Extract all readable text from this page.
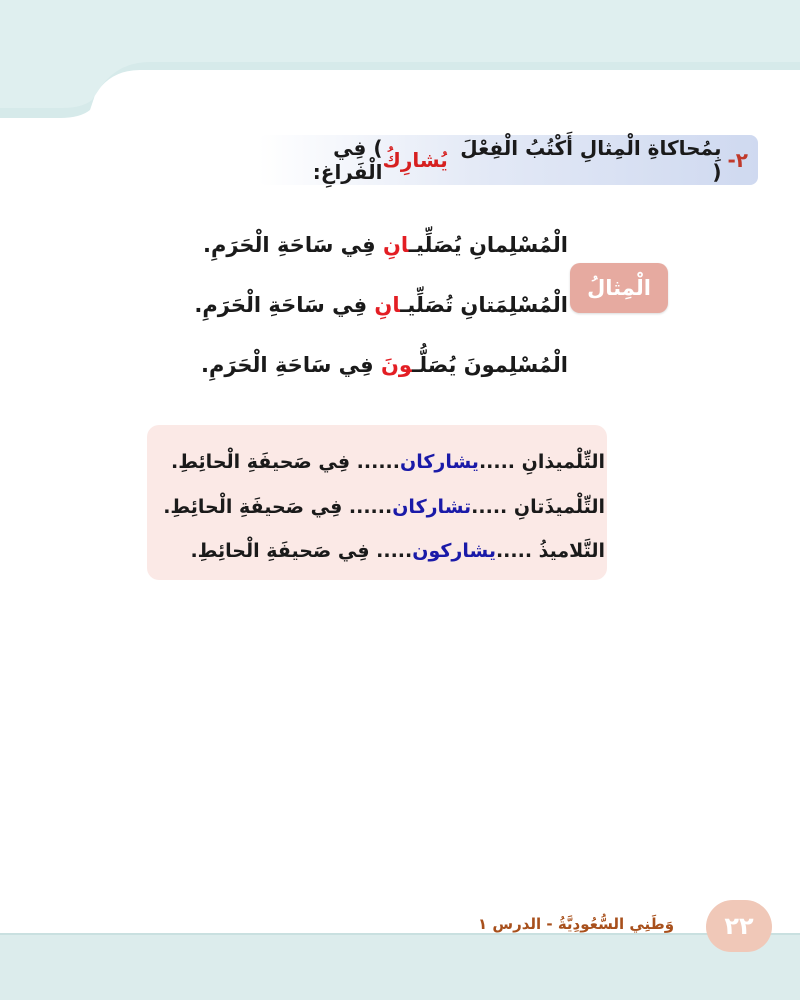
٢-
بِمُحاكاةِ الْمِثالِ أَكْتُبُ الْفِعْلَ (
يُشارِكُ
) فِي الْفَراغِ:
الْمِثالُ
الْمُسْلِمانِ يُصَلِّيـانِ فِي سَاحَةِ الْحَرَمِ.
الْمُسْلِمَتانِ تُصَلِّيـانِ فِي سَاحَةِ الْحَرَمِ.
الْمُسْلِمونَ يُصَلُّـونَ فِي سَاحَةِ الْحَرَمِ.
التِّلْميذانِ .....يشاركان...... فِي صَحيفَةِ الْحائِطِ.
التِّلْميذَتانِ .....تشاركان...... فِي صَحيفَةِ الْحائِطِ.
التَّلاميذُ .....يشاركون..... فِي صَحيفَةِ الْحائِطِ.
وَطَنِي السُّعُودِيَّةُ - الدرس ١	٢٢
